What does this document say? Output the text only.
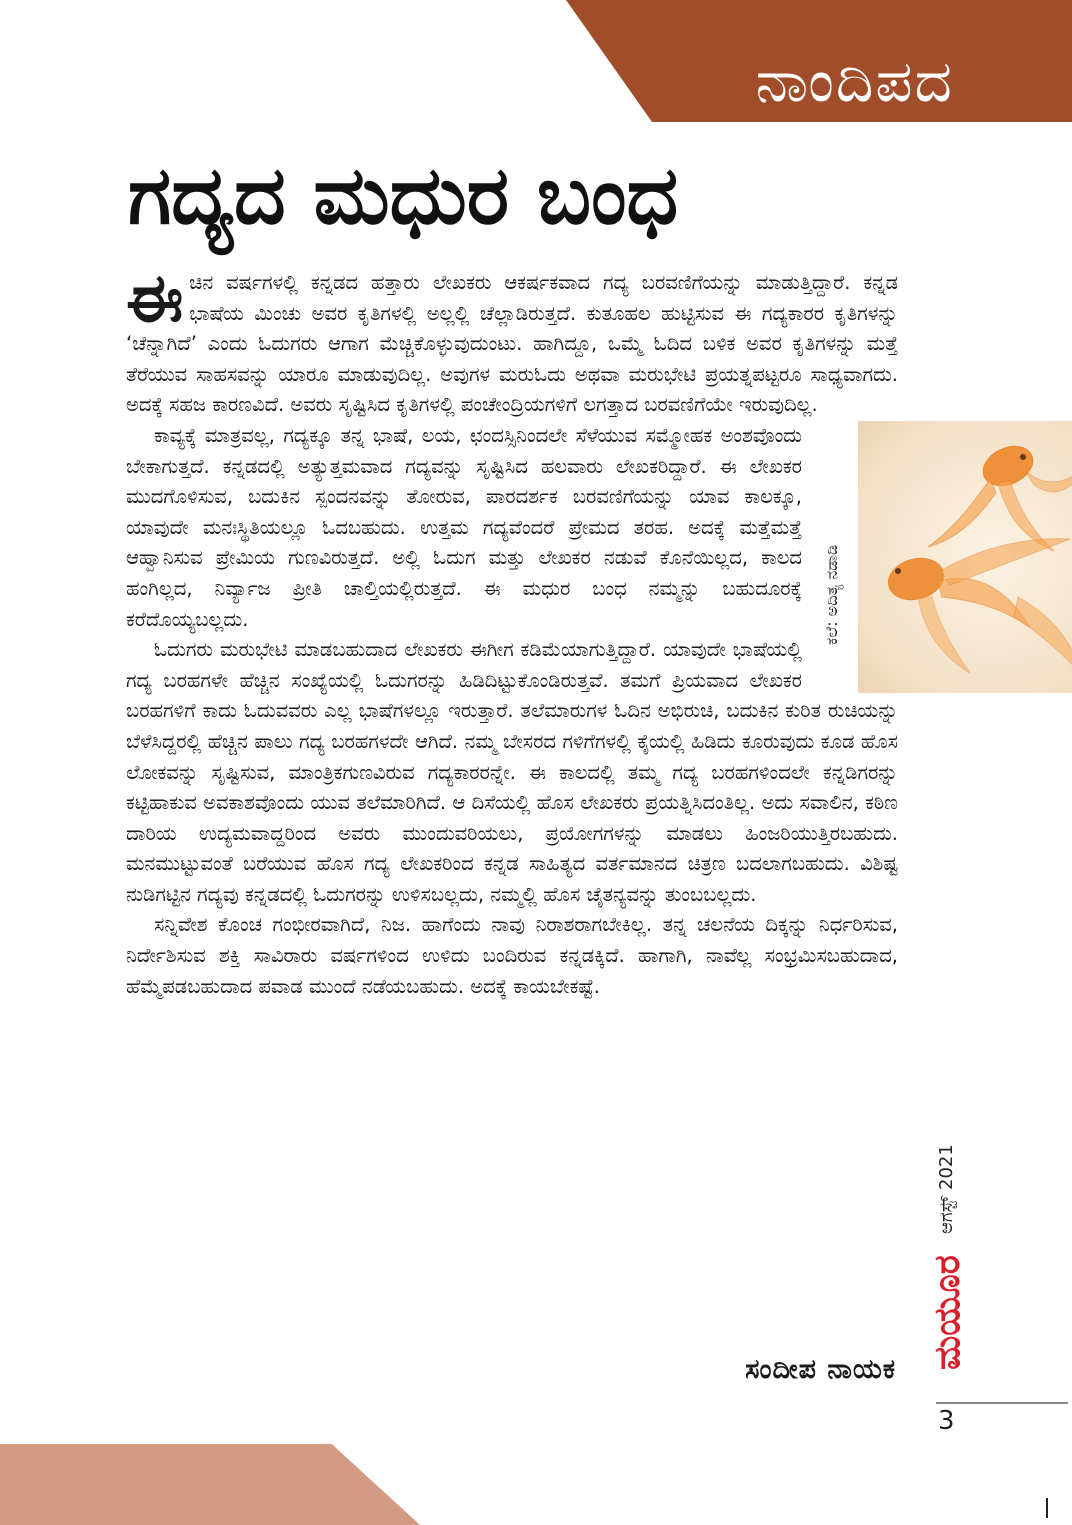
ನಾಂದಿಪದ
ಗದ್ಯದ ಮಧುರ ಬಂಧ

ಈಚಿನ ವರ್ಷಗಳಲ್ಲಿ ಕನ್ನಡದ ಹತ್ತಾರು ಲೇಖಕರು ಆಕರ್ಷಕವಾದ ಗದ್ಯ ಬರವಣಿಗೆಯನ್ನು ಮಾಡುತ್ತಿದ್ದಾರೆ. ಕನ್ನಡ ಭಾಷೆಯ ಮಿಂಚು ಅವರ ಕೃತಿಗಳಲ್ಲಿ ಅಲ್ಲಲ್ಲಿ ಚೆಲ್ಲಾಡಿರುತ್ತದೆ. ಕುತೂಹಲ ಹುಟ್ಟಿಸುವ ಈ ಗದ್ಯಕಾರರ ಕೃತಿಗಳನ್ನು ‘ಚೆನ್ನಾಗಿದೆ’ ಎಂದು ಓದುಗರು ಆಗಾಗ ಮೆಚ್ಚಿಕೊಳ್ಳುವುದುಂಟು. ಹಾಗಿದ್ದೂ, ಒಮ್ಮೆ ಓದಿದ ಬಳಿಕ ಅವರ ಕೃತಿಗಳನ್ನು ಮತ್ತೆ ತೆರೆಯುವ ಸಾಹಸವನ್ನು ಯಾರೂ ಮಾಡುವುದಿಲ್ಲ. ಅವುಗಳ ಮರುಓದು ಅಥವಾ ಮರುಭೇಟಿ ಪ್ರಯತ್ನಪಟ್ಟರೂ ಸಾಧ್ಯವಾಗದು. ಅದಕ್ಕೆ ಸಹಜ ಕಾರಣವಿದೆ. ಅವರು ಸೃಷ್ಟಿಸಿದ ಕೃತಿಗಳಲ್ಲಿ ಪಂಚೇಂದ್ರಿಯಗಳಿಗೆ ಲಗತ್ತಾದ ಬರವಣಿಗೆಯೇ ಇರುವುದಿಲ್ಲ.

ಕಲೆ: ಅದಿತ್ಯ ನಡಾಡಿ
ಕಾವ್ಯಕ್ಕೆ ಮಾತ್ರವಲ್ಲ, ಗದ್ಯಕ್ಕೂ ತನ್ನ ಭಾಷೆ, ಲಯ, ಛಂದಸ್ಸಿನಿಂದಲೇ ಸೆಳೆಯುವ ಸಮ್ಮೋಹಕ ಅಂಶವೊಂದು ಬೇಕಾಗುತ್ತದೆ. ಕನ್ನಡದಲ್ಲಿ ಅತ್ಯುತ್ತಮವಾದ ಗದ್ಯವನ್ನು ಸೃಷ್ಟಿಸಿದ ಹಲವಾರು ಲೇಖಕರಿದ್ದಾರೆ. ಈ ಲೇಖಕರ ಮುದಗೊಳಿಸುವ, ಬದುಕಿನ ಸ್ಪಂದನವನ್ನು ತೋರುವ, ಪಾರದರ್ಶಕ ಬರವಣಿಗೆಯನ್ನು ಯಾವ ಕಾಲಕ್ಕೂ, ಯಾವುದೇ ಮನಃಸ್ಥಿತಿಯಲ್ಲೂ ಓದಬಹುದು. ಉತ್ತಮ ಗದ್ಯವೆಂದರೆ ಪ್ರೇಮದ ತರಹ. ಅದಕ್ಕೆ ಮತ್ತೆಮತ್ತೆ ಆಹ್ವಾನಿಸುವ ಪ್ರೇಮಿಯ ಗುಣವಿರುತ್ತದೆ. ಅಲ್ಲಿ ಓದುಗ ಮತ್ತು ಲೇಖಕರ ನಡುವೆ ಕೊನೆಯಿಲ್ಲದ, ಕಾಲದ ಹಂಗಿಲ್ಲದ, ನಿರ್ವ್ಯಾಜ ಪ್ರೀತಿ ಚಾಲ್ತಿಯಲ್ಲಿರುತ್ತದೆ. ಈ ಮಧುರ ಬಂಧ ನಮ್ಮನ್ನು ಬಹುದೂರಕ್ಕೆ ಕರೆದೊಯ್ಯಬಲ್ಲದು.

ಓದುಗರು ಮರುಭೇಟಿ ಮಾಡಬಹುದಾದ ಲೇಖಕರು ಈಗೀಗ ಕಡಿಮೆಯಾಗುತ್ತಿದ್ದಾರೆ. ಯಾವುದೇ ಭಾಷೆಯಲ್ಲಿ ಗದ್ಯ ಬರಹಗಳೇ ಹೆಚ್ಚಿನ ಸಂಖ್ಯೆಯಲ್ಲಿ ಓದುಗರನ್ನು ಹಿಡಿದಿಟ್ಟುಕೊಂಡಿರುತ್ತವೆ. ತಮಗೆ ಪ್ರಿಯವಾದ ಲೇಖಕರ ಬರಹಗಳಿಗೆ ಕಾದು ಓದುವವರು ಎಲ್ಲ ಭಾಷೆಗಳಲ್ಲೂ ಇರುತ್ತಾರೆ. ತಲೆಮಾರುಗಳ ಓದಿನ ಅಭಿರುಚಿ, ಬದುಕಿನ ಕುರಿತ ರುಚಿಯನ್ನು ಬೆಳೆಸಿದ್ದರಲ್ಲಿ ಹೆಚ್ಚಿನ ಪಾಲು ಗದ್ಯ ಬರಹಗಳದೇ ಆಗಿದೆ. ನಮ್ಮ ಬೇಸರದ ಗಳಿಗೆಗಳಲ್ಲಿ ಕೈಯಲ್ಲಿ ಹಿಡಿದು ಕೂರುವುದು ಕೂಡ ಹೊಸ ಲೋಕವನ್ನು ಸೃಷ್ಟಿಸುವ, ಮಾಂತ್ರಿಕಗುಣವಿರುವ ಗದ್ಯಕಾರರನ್ನೇ. ಈ ಕಾಲದಲ್ಲಿ ತಮ್ಮ ಗದ್ಯ ಬರಹಗಳಿಂದಲೇ ಕನ್ನಡಿಗರನ್ನು ಕಟ್ಟಿಹಾಕುವ ಅವಕಾಶವೊಂದು ಯುವ ತಲೆಮಾರಿಗಿದೆ. ಆ ದಿಸೆಯಲ್ಲಿ ಹೊಸ ಲೇಖಕರು ಪ್ರಯತ್ನಿಸಿದಂತಿಲ್ಲ. ಅದು ಸವಾಲಿನ, ಕಠಿಣ ದಾರಿಯ ಉದ್ಯಮವಾದ್ದರಿಂದ ಅವರು ಮುಂದುವರಿಯಲು, ಪ್ರಯೋಗಗಳನ್ನು ಮಾಡಲು ಹಿಂಜರಿಯುತ್ತಿರಬಹುದು. ಮನಮುಟ್ಟುವಂತೆ ಬರೆಯುವ ಹೊಸ ಗದ್ಯ ಲೇಖಕರಿಂದ ಕನ್ನಡ ಸಾಹಿತ್ಯದ ವರ್ತಮಾನದ ಚಿತ್ರಣ ಬದಲಾಗಬಹುದು. ವಿಶಿಷ್ಟ ನುಡಿಗಟ್ಟಿನ ಗದ್ಯವು ಕನ್ನಡದಲ್ಲಿ ಓದುಗರನ್ನು ಉಳಿಸಬಲ್ಲದು, ನಮ್ಮಲ್ಲಿ ಹೊಸ ಚೈತನ್ಯವನ್ನು ತುಂಬಬಲ್ಲದು.

ಸನ್ನಿವೇಶ ಕೊಂಚ ಗಂಭೀರವಾಗಿದೆ, ನಿಜ. ಹಾಗೆಂದು ನಾವು ನಿರಾಶರಾಗಬೇಕಿಲ್ಲ. ತನ್ನ ಚಲನೆಯ ದಿಕ್ಕನ್ನು ನಿರ್ಧರಿಸುವ, ನಿರ್ದೇಶಿಸುವ ಶಕ್ತಿ ಸಾವಿರಾರು ವರ್ಷಗಳಿಂದ ಉಳಿದು ಬಂದಿರುವ ಕನ್ನಡಕ್ಕಿದೆ. ಹಾಗಾಗಿ, ನಾವೆಲ್ಲ ಸಂಭ್ರಮಿಸಬಹುದಾದ, ಹೆಮ್ಮೆಪಡಬಹುದಾದ ಪವಾಡ ಮುಂದೆ ನಡೆಯಬಹುದು. ಅದಕ್ಕೆ ಕಾಯಬೇಕಷ್ಟೆ.

ಸಂದೀಪ ನಾಯಕ
ಆಗಸ್ಟ್ 2021
ಮಯೂರ
3
